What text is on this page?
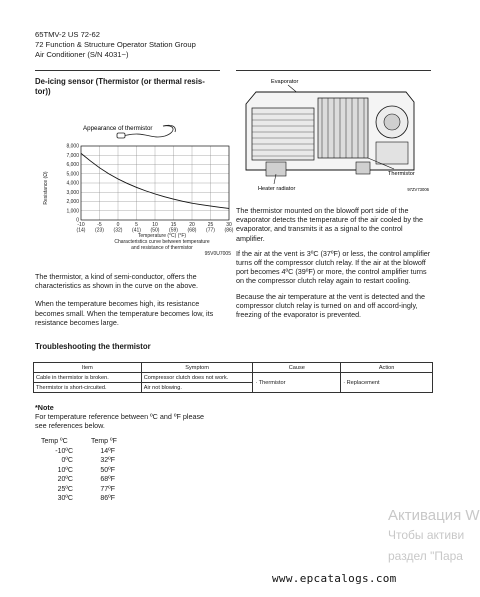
65TMV-2 US 72-62
72 Function & Structure Operator Station Group
Air Conditioner (S/N 4031~)
De-icing sensor (Thermistor (or thermal resis-
tor))
Appearance of thermistor
0
1,000
2,000
3,000
4,000
5,000
6,000
7,000
8,000
-10
(14)
-5
(23)
0
(32)
5
(41)
10
(50)
15
(59)
20
(68)
25
(77)
30
(86)
Resistance (Ω)
Temperature (°C) (°F)
Characteristics curve between temperature
and resistance of thermistor
95V0U7005
Evaporator
Thermistor
Heater radiator	97ZV73006

The thermistor mounted on the blowoff port side of the evaporator detects the temperature of the air cooled by the evaporator, and transmits it as a signal to the control amplifier.

If the air at the vent is 3ºC (37ºF) or less, the control amplifier turns off the compressor clutch relay. If the air at the blowoff port becomes 4ºC (39ºF) or more, the control amplifier turns on the compressor clutch relay again to restart cooling.

Because the air temperature at the vent is detected and the compressor clutch relay is turned on and off accord-ingly, freezing of the evaporator is prevented.

The thermistor, a kind of semi-conductor, offers the characteristics as shown in the curve on the above.

When the temperature becomes high, its resistance becomes small. When the temperature becomes low, its resistance becomes large.

Troubleshooting the thermistor
Item	Symptom	Cause	Action
Cable in thermistor is broken.	Compressor clutch does not work.	· Thermistor	· Replacement
Thermistor is short-circuited.	Air not blowing.		
*Note
For temperature reference between ºC and ºF please
see references below.
Temp ºC	Temp ºF
-10ºC	14ºF
0ºC	32ºF
10ºC	50ºF
20ºC	68ºF
25ºC	77ºF
30ºC	86ºF
Активация W
Чтобы активи
раздел "Пара
www.epcatalogs.com
